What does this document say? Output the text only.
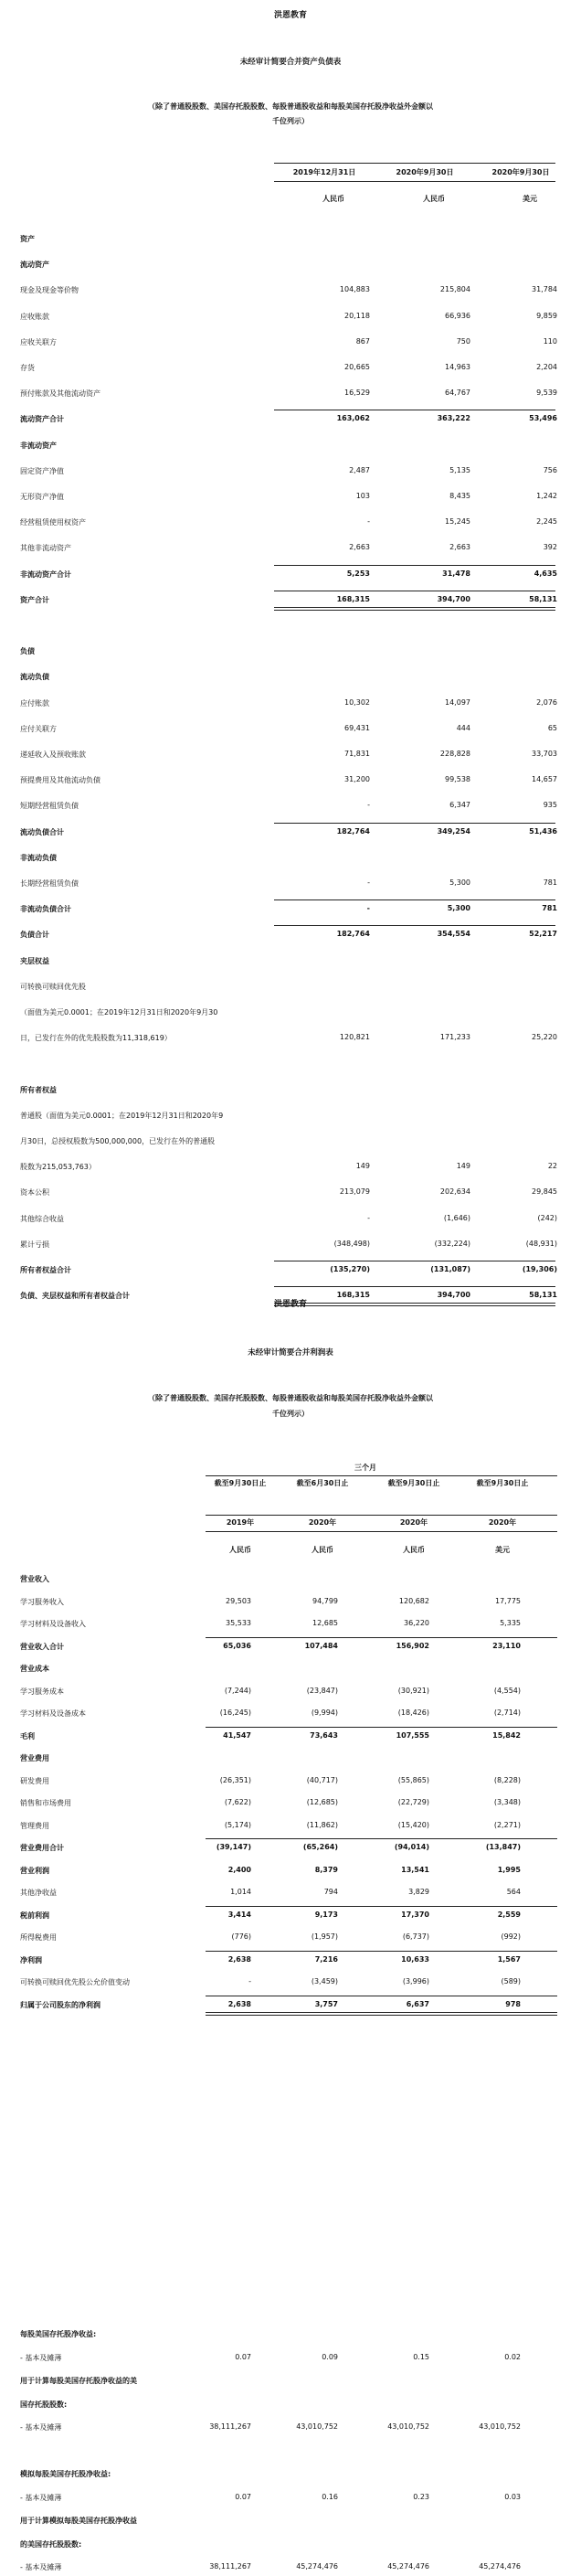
洪恩教育
未经审计简要合并资产负债表
（除了普通股股数、美国存托股股数、每股普通股收益和每股美国存托股净收益外金额以
千位列示）
2019年12月31日	2020年9月30日	2020年9月30日
人民币	人民币	美元
资产
流动资产
现金及现金等价物	104,883	215,804	31,784
应收账款	20,118	66,936	9,859
应收关联方	867	750	110
存货	20,665	14,963	2,204
预付账款及其他流动资产	16,529	64,767	9,539
流动资产合计	163,062	363,222	53,496
非流动资产
固定资产净值	2,487	5,135	756
无形资产净值	103	8,435	1,242
经营租赁使用权资产	-	15,245	2,245
其他非流动资产	2,663	2,663	392
非流动资产合计	5,253	31,478	4,635
资产合计	168,315	394,700	58,131
负债
流动负债
应付账款	10,302	14,097	2,076
应付关联方	69,431	444	65
递延收入及预收账款	71,831	228,828	33,703
预提费用及其他流动负债	31,200	99,538	14,657
短期经营租赁负债	-	6,347	935
流动负债合计	182,764	349,254	51,436
非流动负债
长期经营租赁负债	-	5,300	781
非流动负债合计	-	5,300	781
负债合计	182,764	354,554	52,217
夹层权益
可转换可赎回优先股
（面值为美元0.0001；在2019年12月31日和2020年9月30
日，已发行在外的优先股股数为11,318,619）	120,821	171,233	25,220
所有者权益
普通股（面值为美元0.0001；在2019年12月31日和2020年9
月30日，总授权股数为500,000,000，已发行在外的普通股
股数为215,053,763）	149	149	22
资本公积	213,079	202,634	29,845
其他综合收益	-	(1,646)	(242)
累计亏损	(348,498)	(332,224)	(48,931)
所有者权益合计	(135,270)	(131,087)	(19,306)
负债、夹层权益和所有者权益合计	168,315	394,700	58,131
洪恩教育
未经审计简要合并利润表
（除了普通股股数、美国存托股股数、每股普通股收益和每股美国存托股净收益外金额以
千位列示）
三个月
截至9月30日止	截至6月30日止	截至9月30日止	截至9月30日止
2019年	2020年	2020年	2020年
人民币	人民币	人民币	美元
营业收入
学习服务收入	29,503	94,799	120,682	17,775
学习材料及设备收入	35,533	12,685	36,220	5,335
营业收入合计	65,036	107,484	156,902	23,110
营业成本
学习服务成本	(7,244)	(23,847)	(30,921)	(4,554)
学习材料及设备成本	(16,245)	(9,994)	(18,426)	(2,714)
毛利	41,547	73,643	107,555	15,842
营业费用
研发费用	(26,351)	(40,717)	(55,865)	(8,228)
销售和市场费用	(7,622)	(12,685)	(22,729)	(3,348)
管理费用	(5,174)	(11,862)	(15,420)	(2,271)
营业费用合计	(39,147)	(65,264)	(94,014)	(13,847)
营业利润	2,400	8,379	13,541	1,995
其他净收益	1,014	794	3,829	564
税前利润	3,414	9,173	17,370	2,559
所得税费用	(776)	(1,957)	(6,737)	(992)
净利润	2,638	7,216	10,633	1,567
可转换可赎回优先股公允价值变动	-	(3,459)	(3,996)	(589)
归属于公司股东的净利润	2,638	3,757	6,637	978
每股美国存托股净收益:
- 基本及摊薄	0.07	0.09	0.15	0.02
用于计算每股美国存托股净收益的美
国存托股股数:
- 基本及摊薄	38,111,267	43,010,752	43,010,752	43,010,752
模拟每股美国存托股净收益:
- 基本及摊薄	0.07	0.16	0.23	0.03
用于计算模拟每股美国存托股净收益
的美国存托股股数:
- 基本及摊薄	38,111,267	45,274,476	45,274,476	45,274,476
